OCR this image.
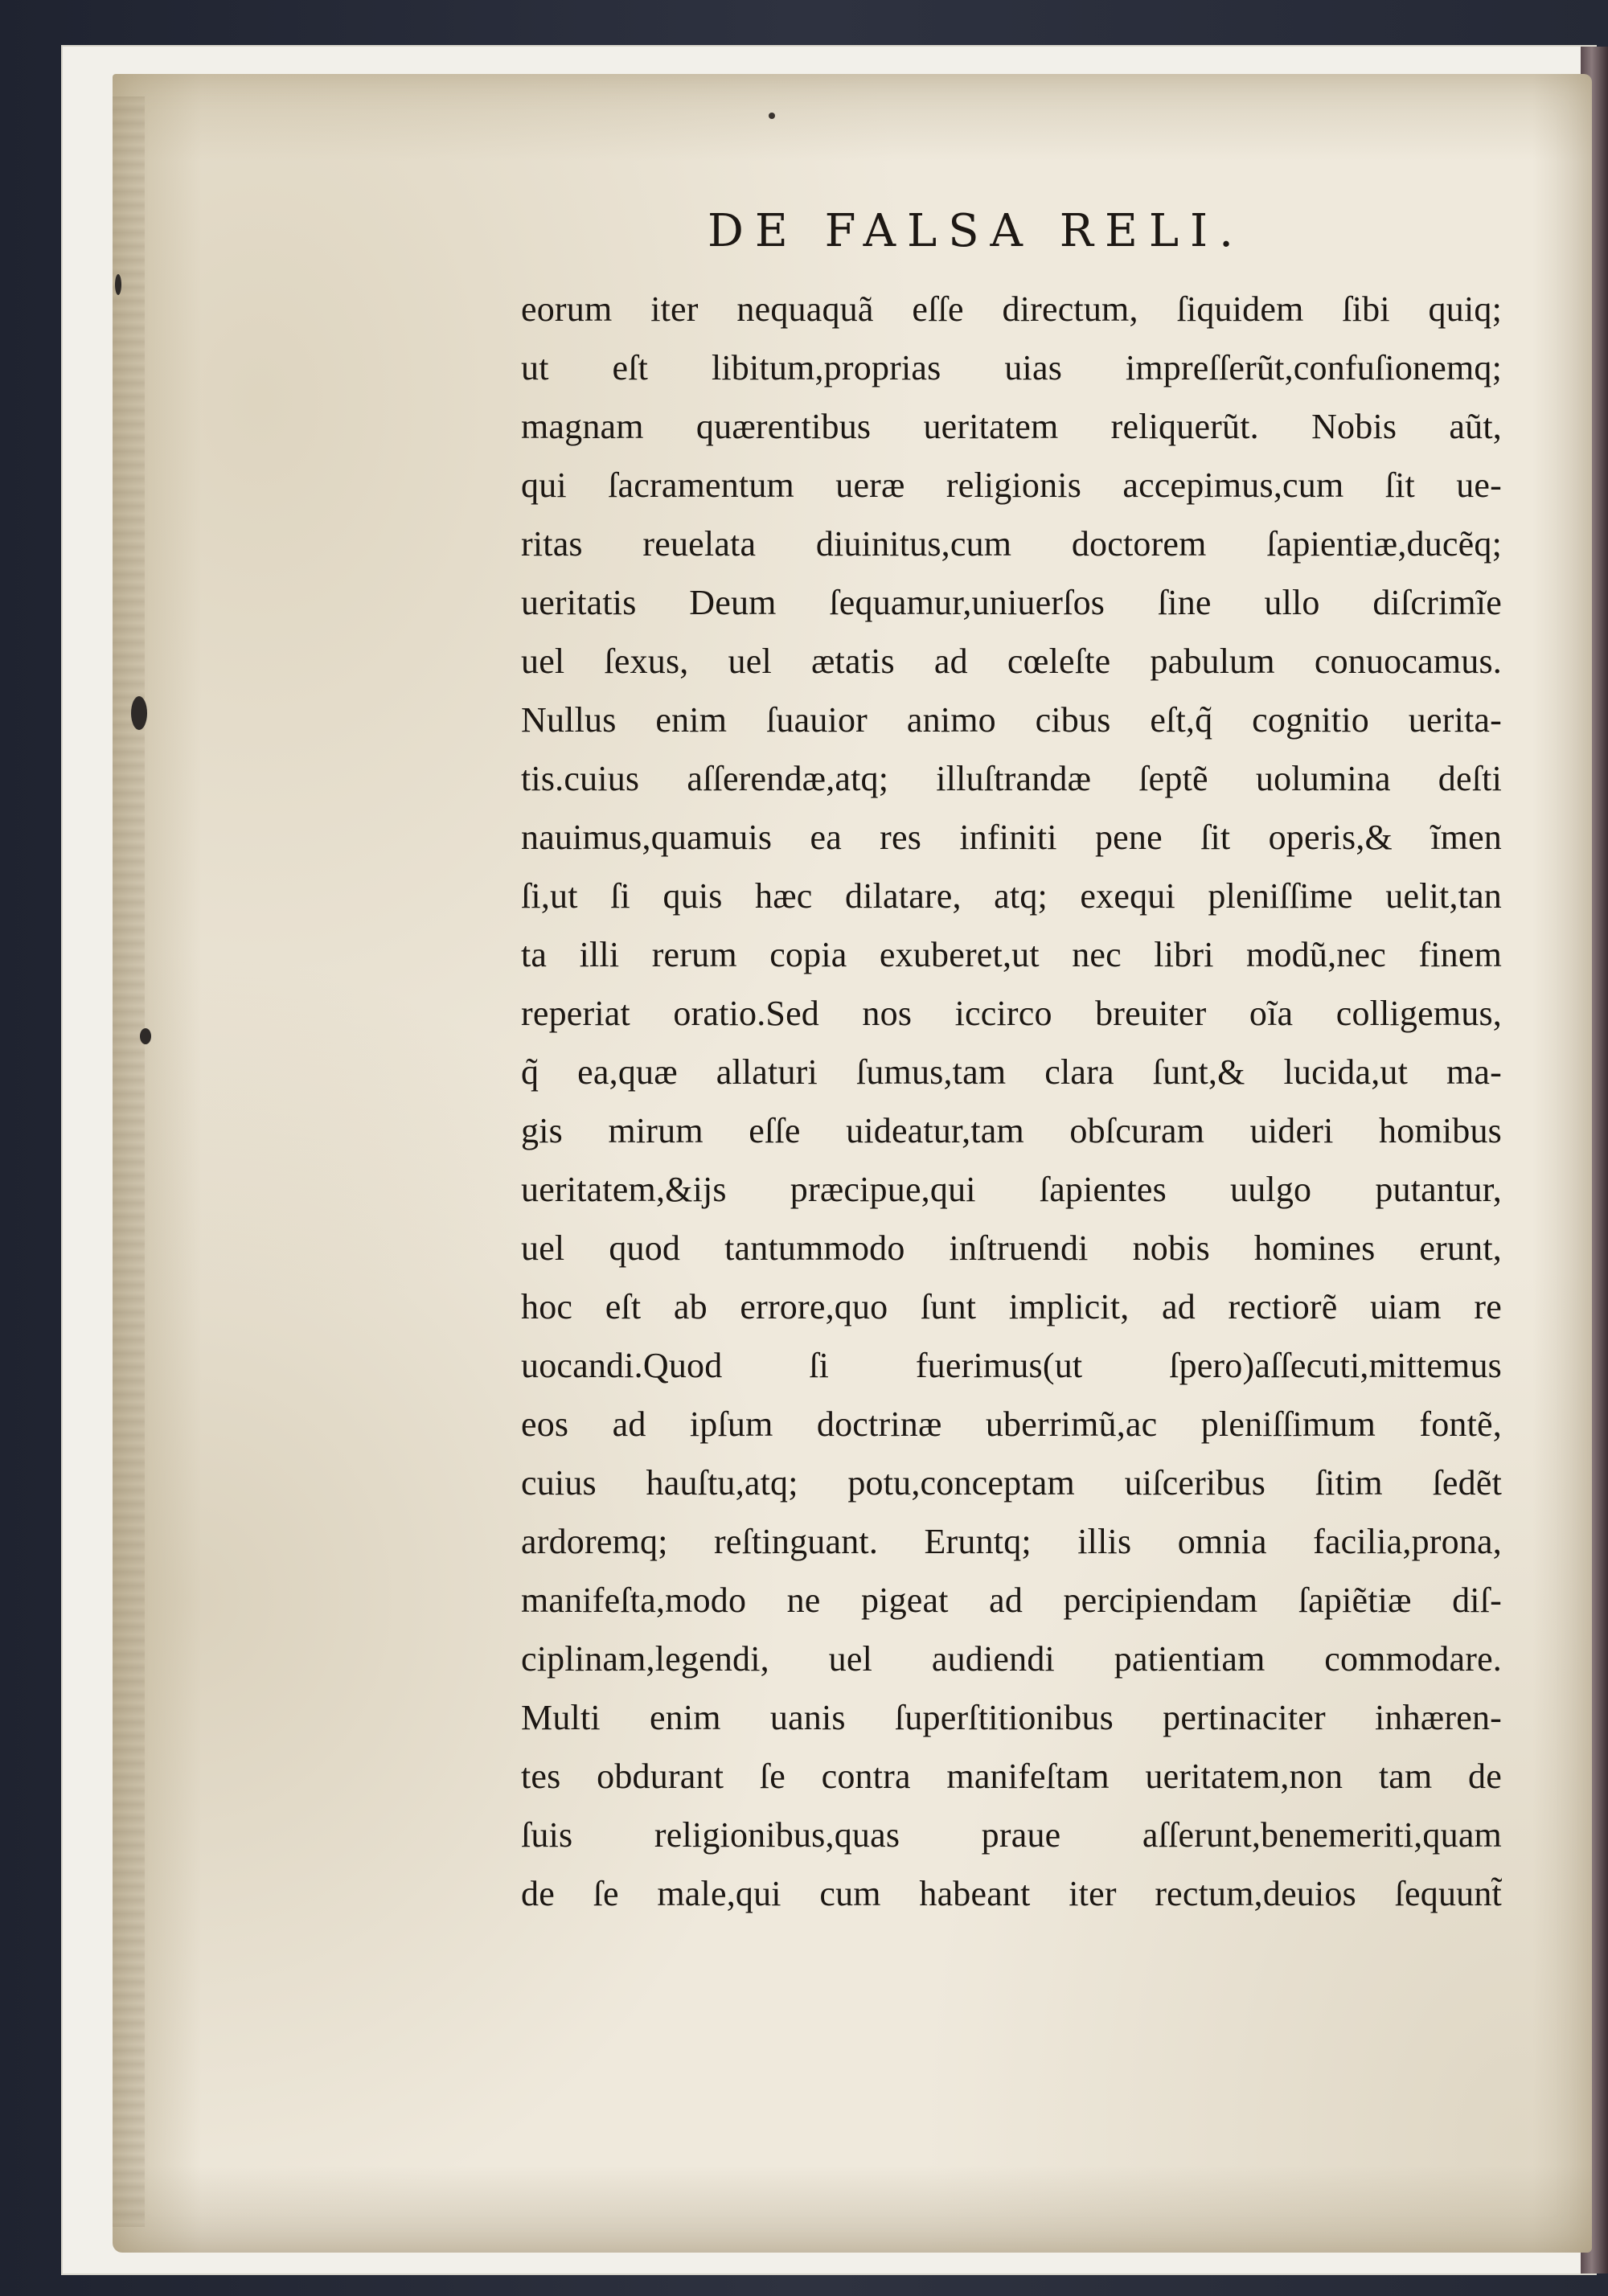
DE FALSA RELI.
eorum iter nequaquã eſſe directum, ſiquidem ſibi quiq;
ut eſt libitum,proprias uias impreſſerũt,confuſionemq;
magnam quærentibus ueritatem reliquerũt. Nobis aũt,
qui ſacramentum ueræ religionis accepimus,cum ſit ue-
ritas reuelata diuinitus,cum doctorem ſapientiæ,ducẽq;
ueritatis Deum ſequamur,uniuerſos ſine ullo diſcrimĩe
uel ſexus, uel ætatis ad cœleſte pabulum conuocamus.
Nullus enim ſuauior animo cibus eſt,q̃ cognitio uerita-
tis.cuius aſſerendæ,atq; illuſtrandæ ſeptẽ uolumina deſti
nauimus,quamuis ea res infiniti pene ſit operis,& ĩmen
ſi,ut ſi quis hæc dilatare, atq; exequi pleniſſime uelit,tan
ta illi rerum copia exuberet,ut nec libri modũ,nec finem
reperiat oratio.Sed nos iccirco breuiter oĩa colligemus,
q̃ ea,quæ allaturi ſumus,tam clara ſunt,& lucida,ut ma-
gis mirum eſſe uideatur,tam obſcuram uideri homibus
ueritatem,&ijs præcipue,qui ſapientes uulgo putantur,
uel quod tantummodo inſtruendi nobis homines erunt,
hoc eſt ab errore,quo ſunt implicit, ad rectiorẽ uiam re
uocandi.Quod ſi fuerimus(ut ſpero)aſſecuti,mittemus
eos ad ipſum doctrinæ uberrimũ,ac pleniſſimum fontẽ,
cuius hauſtu,atq; potu,conceptam uiſceribus ſitim ſedẽt
ardoremq; reſtinguant. Eruntq; illis omnia facilia,prona,
manifeſta,modo ne pigeat ad percipiendam ſapiẽtiæ diſ-
ciplinam,legendi, uel audiendi patientiam commodare.
Multi enim uanis ſuperſtitionibus pertinaciter inhæren-
tes obdurant ſe contra manifeſtam ueritatem,non tam de
ſuis religionibus,quas praue aſſerunt,benemeriti,quam
de ſe male,qui cum habeant iter rectum,deuios ſequunt̃
